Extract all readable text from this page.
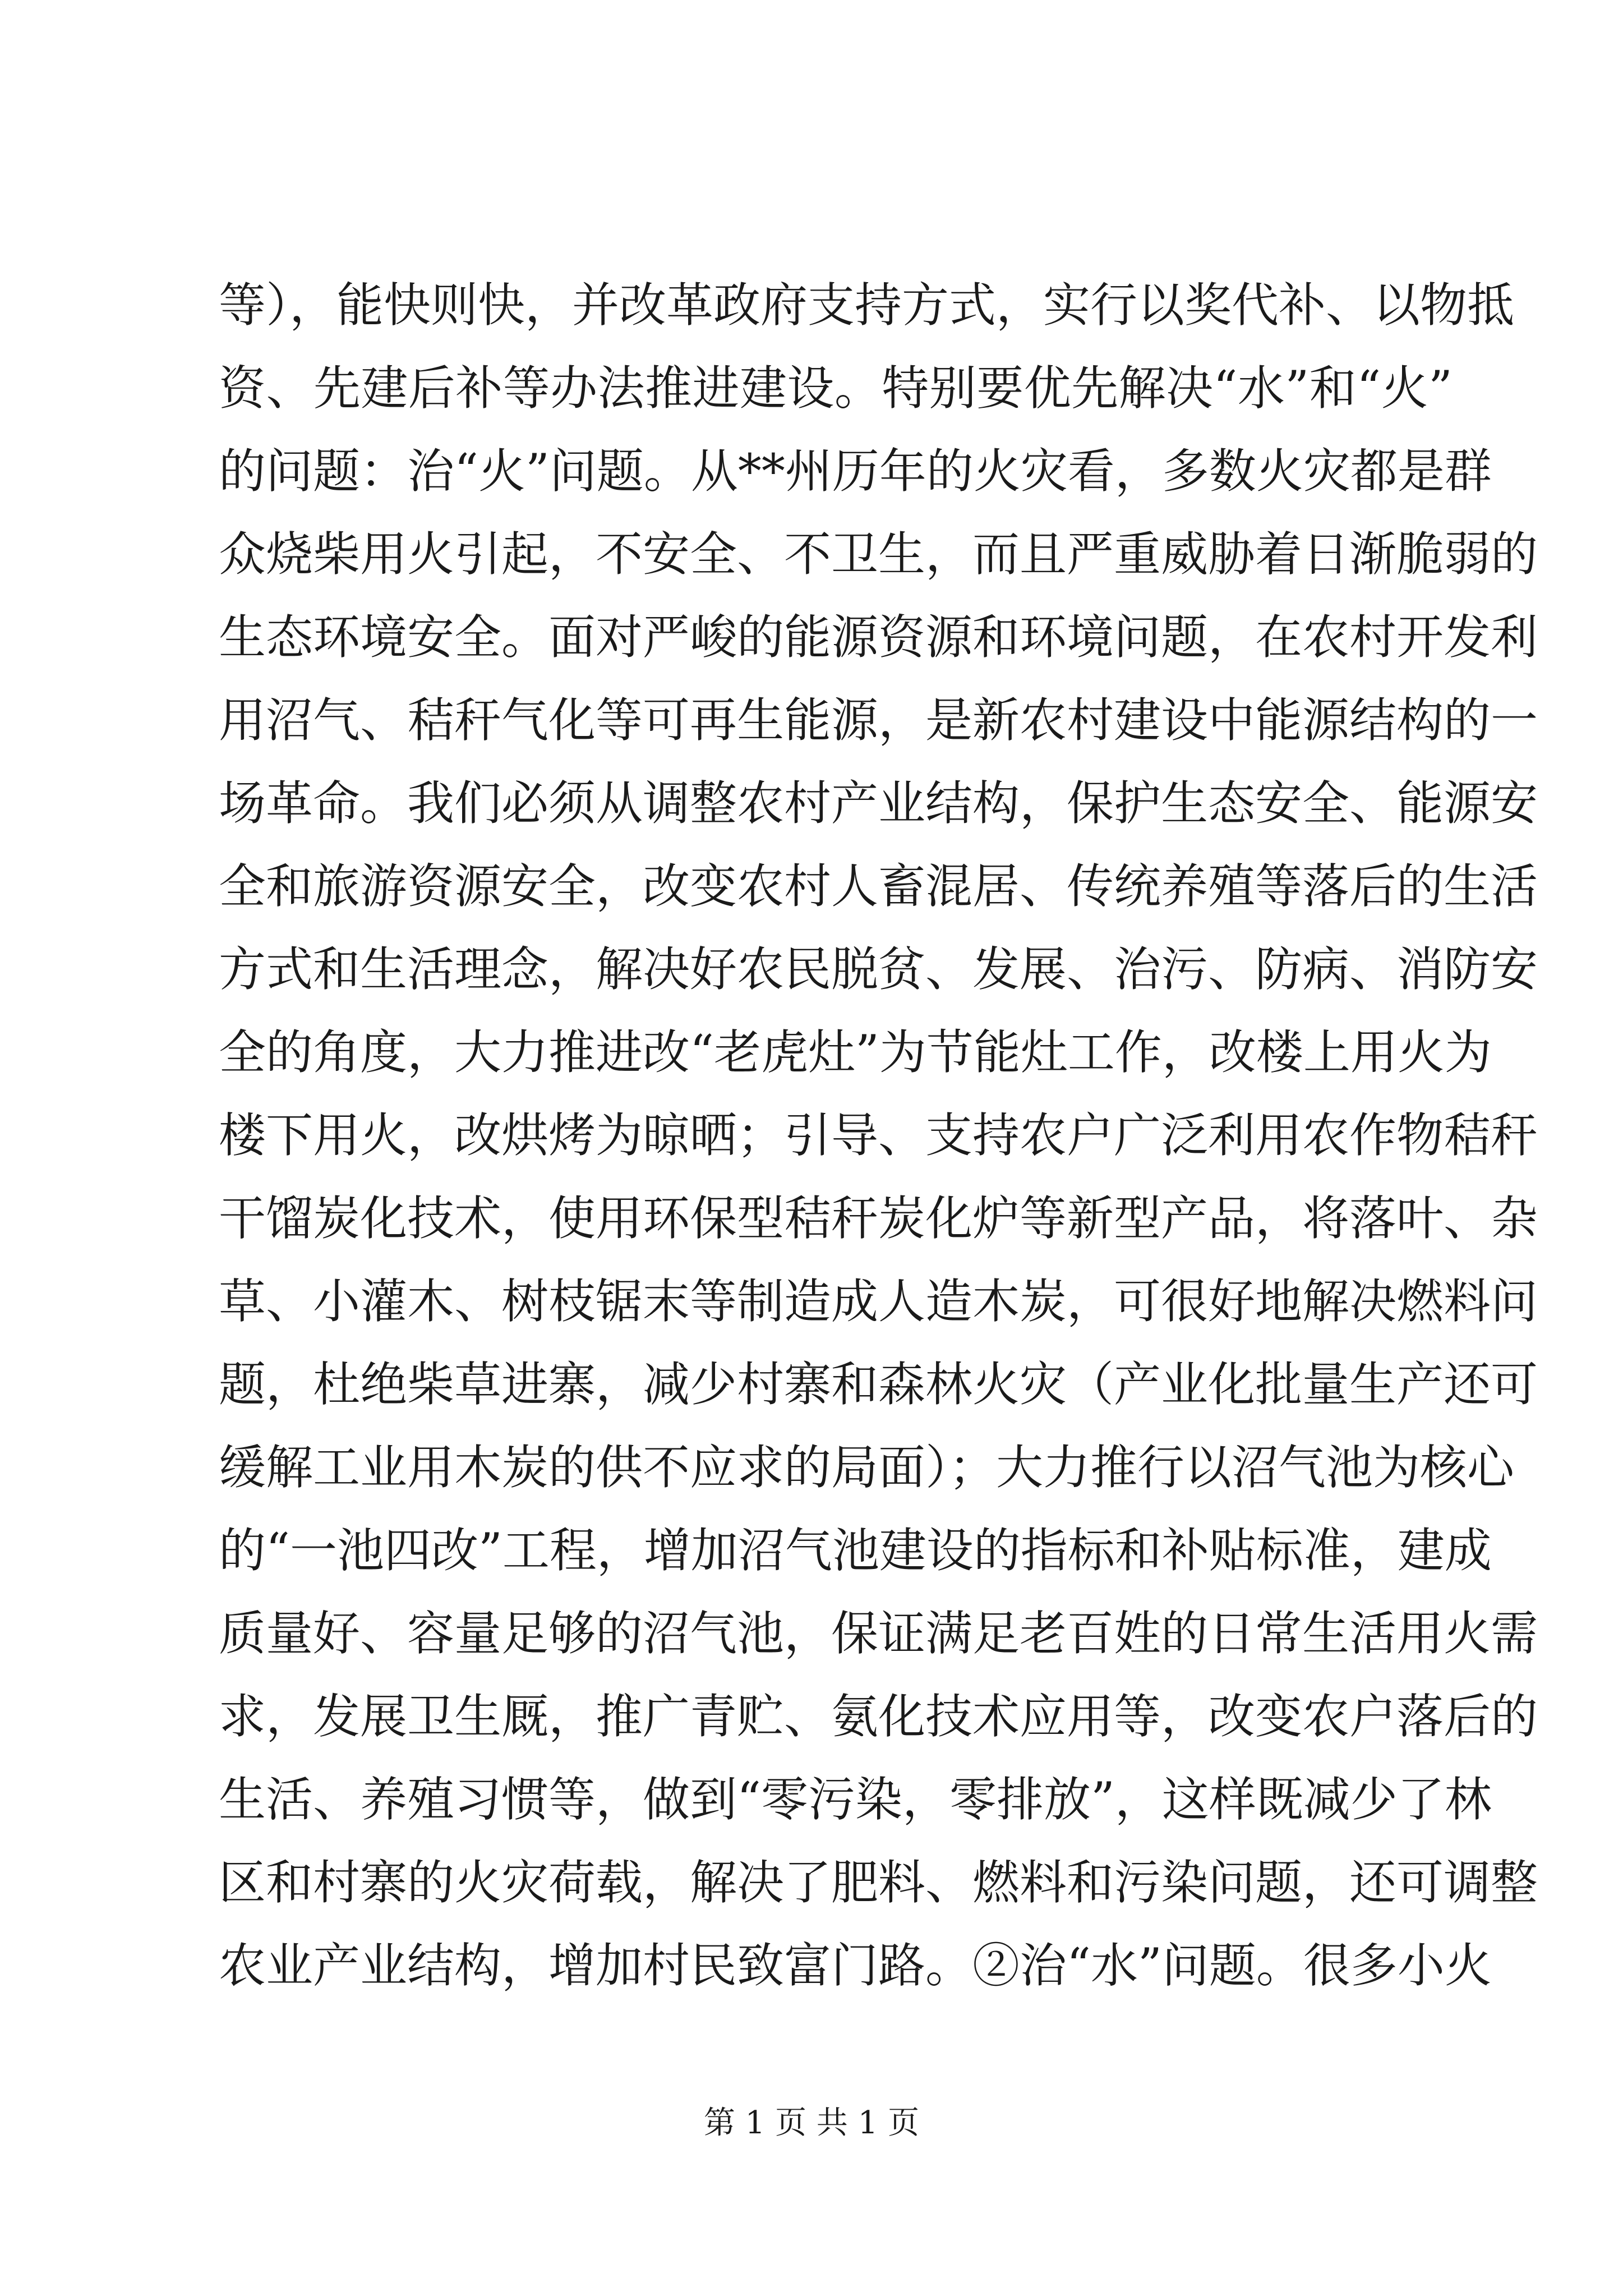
等），能快则快，并改革政府支持方式，实行以奖代补、以物抵
资、先建后补等办法推进建设。特别要优先解决“水”和“火”
的问题：治“火”问题。从**州历年的火灾看，多数火灾都是群
众烧柴用火引起，不安全、不卫生，而且严重威胁着日渐脆弱的
生态环境安全。面对严峻的能源资源和环境问题，在农村开发利
用沼气、秸秆气化等可再生能源，是新农村建设中能源结构的一
场革命。我们必须从调整农村产业结构，保护生态安全、能源安
全和旅游资源安全，改变农村人畜混居、传统养殖等落后的生活
方式和生活理念，解决好农民脱贫、发展、治污、防病、消防安
全的角度，大力推进改“老虎灶”为节能灶工作，改楼上用火为
楼下用火，改烘烤为晾晒；引导、支持农户广泛利用农作物秸秆
干馏炭化技术，使用环保型秸秆炭化炉等新型产品，将落叶、杂
草、小灌木、树枝锯末等制造成人造木炭，可很好地解决燃料问
题，杜绝柴草进寨，减少村寨和森林火灾（产业化批量生产还可
缓解工业用木炭的供不应求的局面）；大力推行以沼气池为核心
的“一池四改”工程，增加沼气池建设的指标和补贴标准，建成
质量好、容量足够的沼气池，保证满足老百姓的日常生活用火需
求，发展卫生厩，推广青贮、氨化技术应用等，改变农户落后的
生活、养殖习惯等，做到“零污染，零排放”，这样既减少了林
区和村寨的火灾荷载，解决了肥料、燃料和污染问题，还可调整
农业产业结构，增加村民致富门路。②治“水”问题。很多小火
第 1 页 共 1 页
